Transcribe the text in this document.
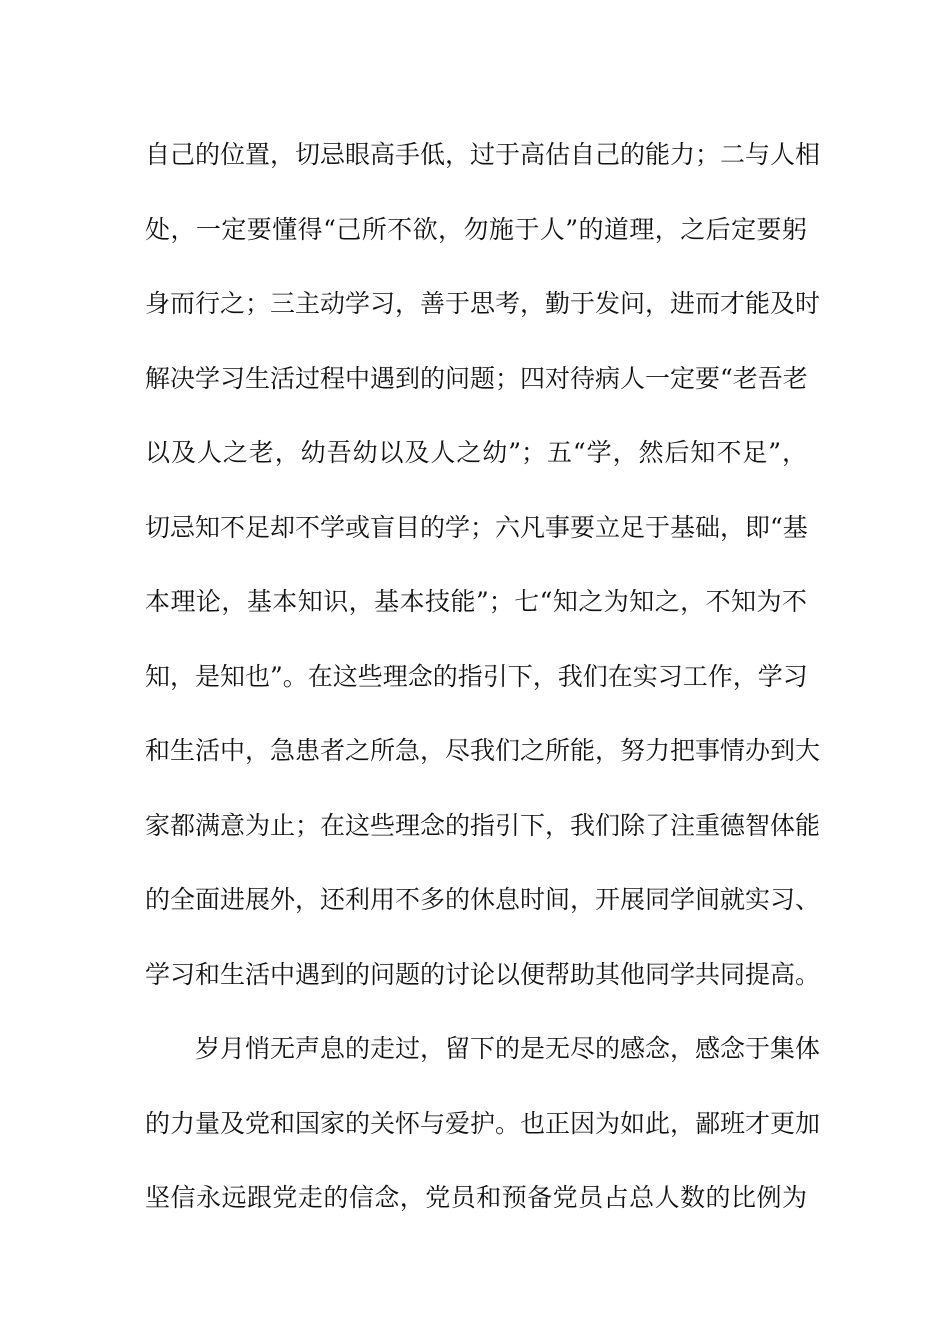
自己的位置，切忌眼高手低，过于高估自己的能力；二与人相
处，一定要懂得“己所不欲，勿施于人”的道理，之后定要躬
身而行之；三主动学习，善于思考，勤于发问，进而才能及时
解决学习生活过程中遇到的问题；四对待病人一定要“老吾老
以及人之老，幼吾幼以及人之幼”；五“学，然后知不足”，
切忌知不足却不学或盲目的学；六凡事要立足于基础，即“基
本理论，基本知识，基本技能”；七“知之为知之，不知为不
知，是知也”。在这些理念的指引下，我们在实习工作，学习
和生活中，急患者之所急，尽我们之所能，努力把事情办到大
家都满意为止；在这些理念的指引下，我们除了注重德智体能
的全面进展外，还利用不多的休息时间，开展同学间就实习、
学习和生活中遇到的问题的讨论以便帮助其他同学共同提高。
岁月悄无声息的走过，留下的是无尽的感念，感念于集体
的力量及党和国家的关怀与爱护。也正因为如此，鄙班才更加
坚信永远跟党走的信念，党员和预备党员占总人数的比例为
